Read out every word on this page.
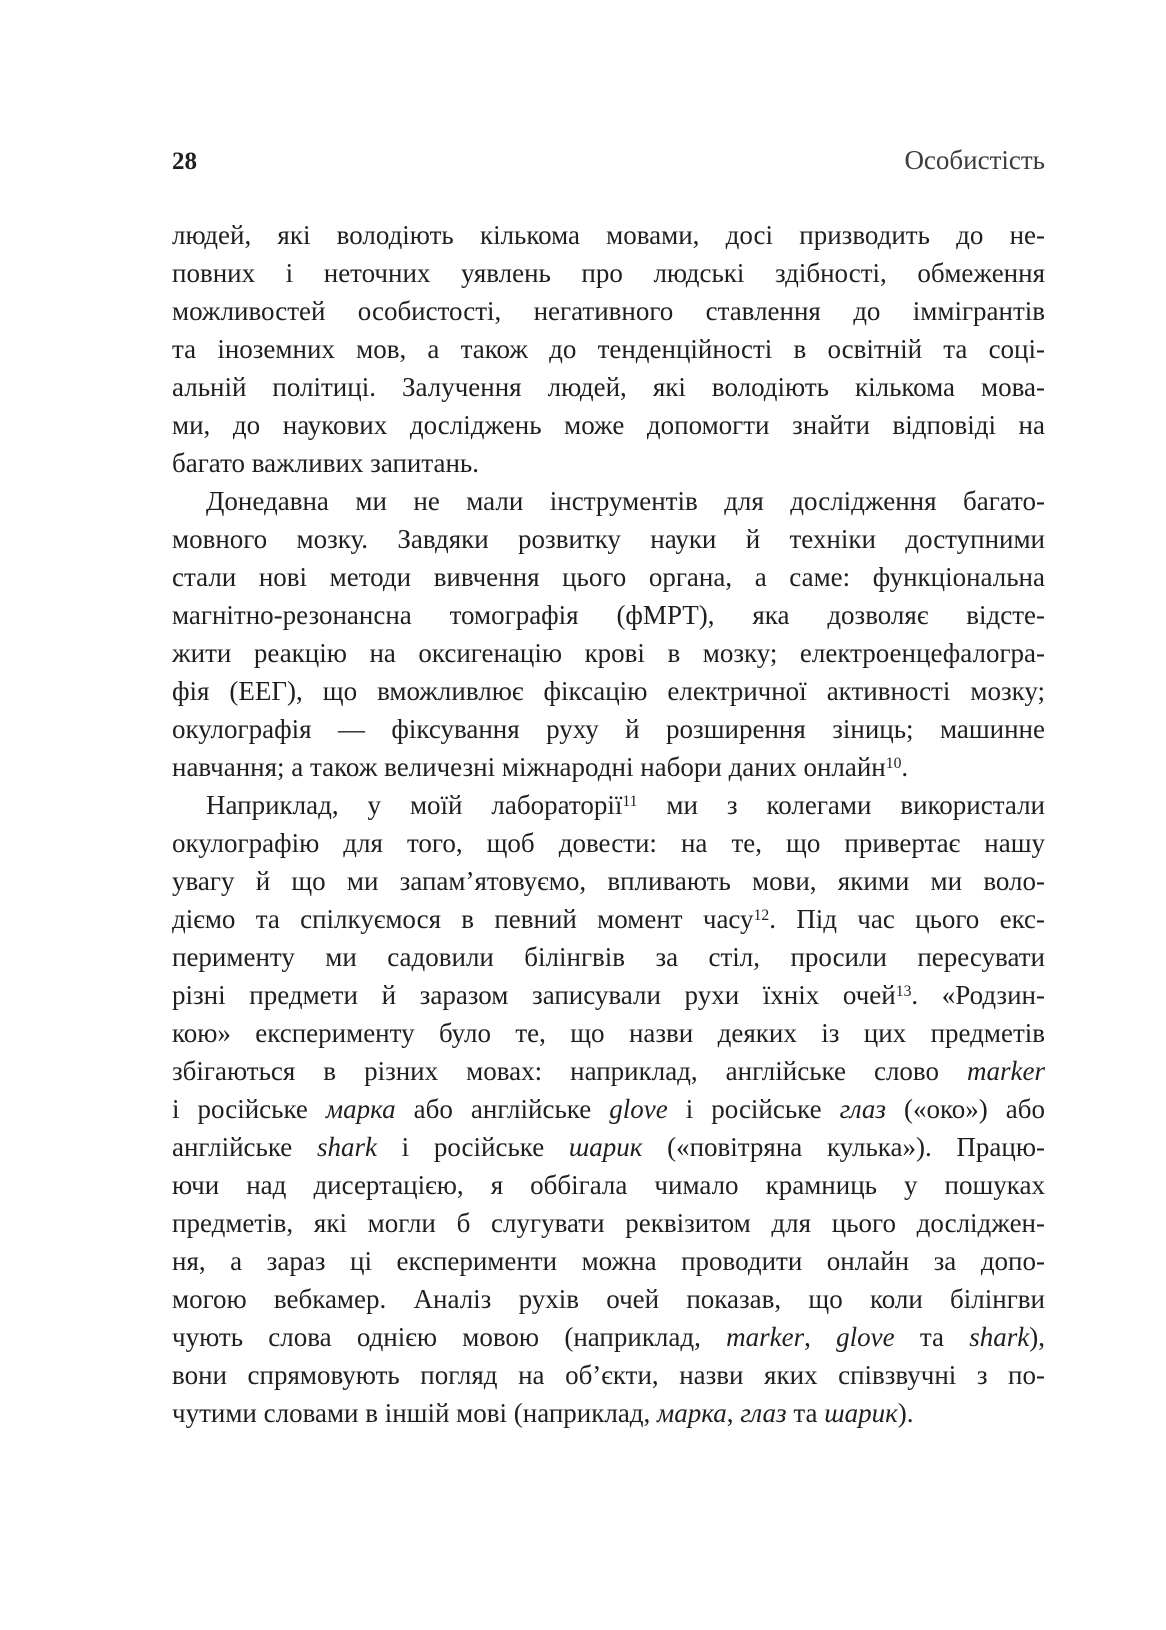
28	Особистість
людей, які володіють кількома мовами, досі призводить до не-
повних і неточних уявлень про людські здібності, обмеження
можливостей особистості, негативного ставлення до іммігрантів
та іноземних мов, а також до тенденційності в освітній та соці-
альній політиці. Залучення людей, які володіють кількома мова-
ми, до наукових досліджень може допомогти знайти відповіді на
багато важливих запитань.
Донедавна ми не мали інструментів для дослідження багато-
мовного мозку. Завдяки розвитку науки й техніки доступними
стали нові методи вивчення цього органа, а саме: функціональна
магнітно-резонансна томографія (фМРТ), яка дозволяє відсте-
жити реакцію на оксигенацію крові в мозку; електроенцефалогра-
фія (ЕЕГ), що вможливлює фіксацію електричної активності мозку;
окулографія — фіксування руху й розширення зіниць; машинне
навчання; а також величезні міжнародні набори даних онлайн$^{10}$.
Наприклад, у моїй лабораторії$^{11}$ ми з колегами використали
окулографію для того, щоб довести: на те, що привертає нашу
увагу й що ми запам’ятовуємо, впливають мови, якими ми воло-
діємо та спілкуємося в певний момент часу$^{12}$. Під час цього екс-
перименту ми садовили білінгвів за стіл, просили пересувати
різні предмети й заразом записували рухи їхніх очей$^{13}$. «Родзин-
кою» експерименту було те, що назви деяких із цих предметів
збігаються в різних мовах: наприклад, англійське слово marker
і російське марка або англійське glove і російське глаз («око») або
англійське shark і російське шарик («повітряна кулька»). Працю-
ючи над дисертацією, я оббігала чимало крамниць у пошуках
предметів, які могли б слугувати реквізитом для цього досліджен-
ня, а зараз ці експерименти можна проводити онлайн за допо-
могою вебкамер. Аналіз рухів очей показав, що коли білінгви
чують слова однією мовою (наприклад, marker, glove та shark),
вони спрямовують погляд на об’єкти, назви яких співзвучні з по-
чутими словами в іншій мові (наприклад, марка, глаз та шарик).
